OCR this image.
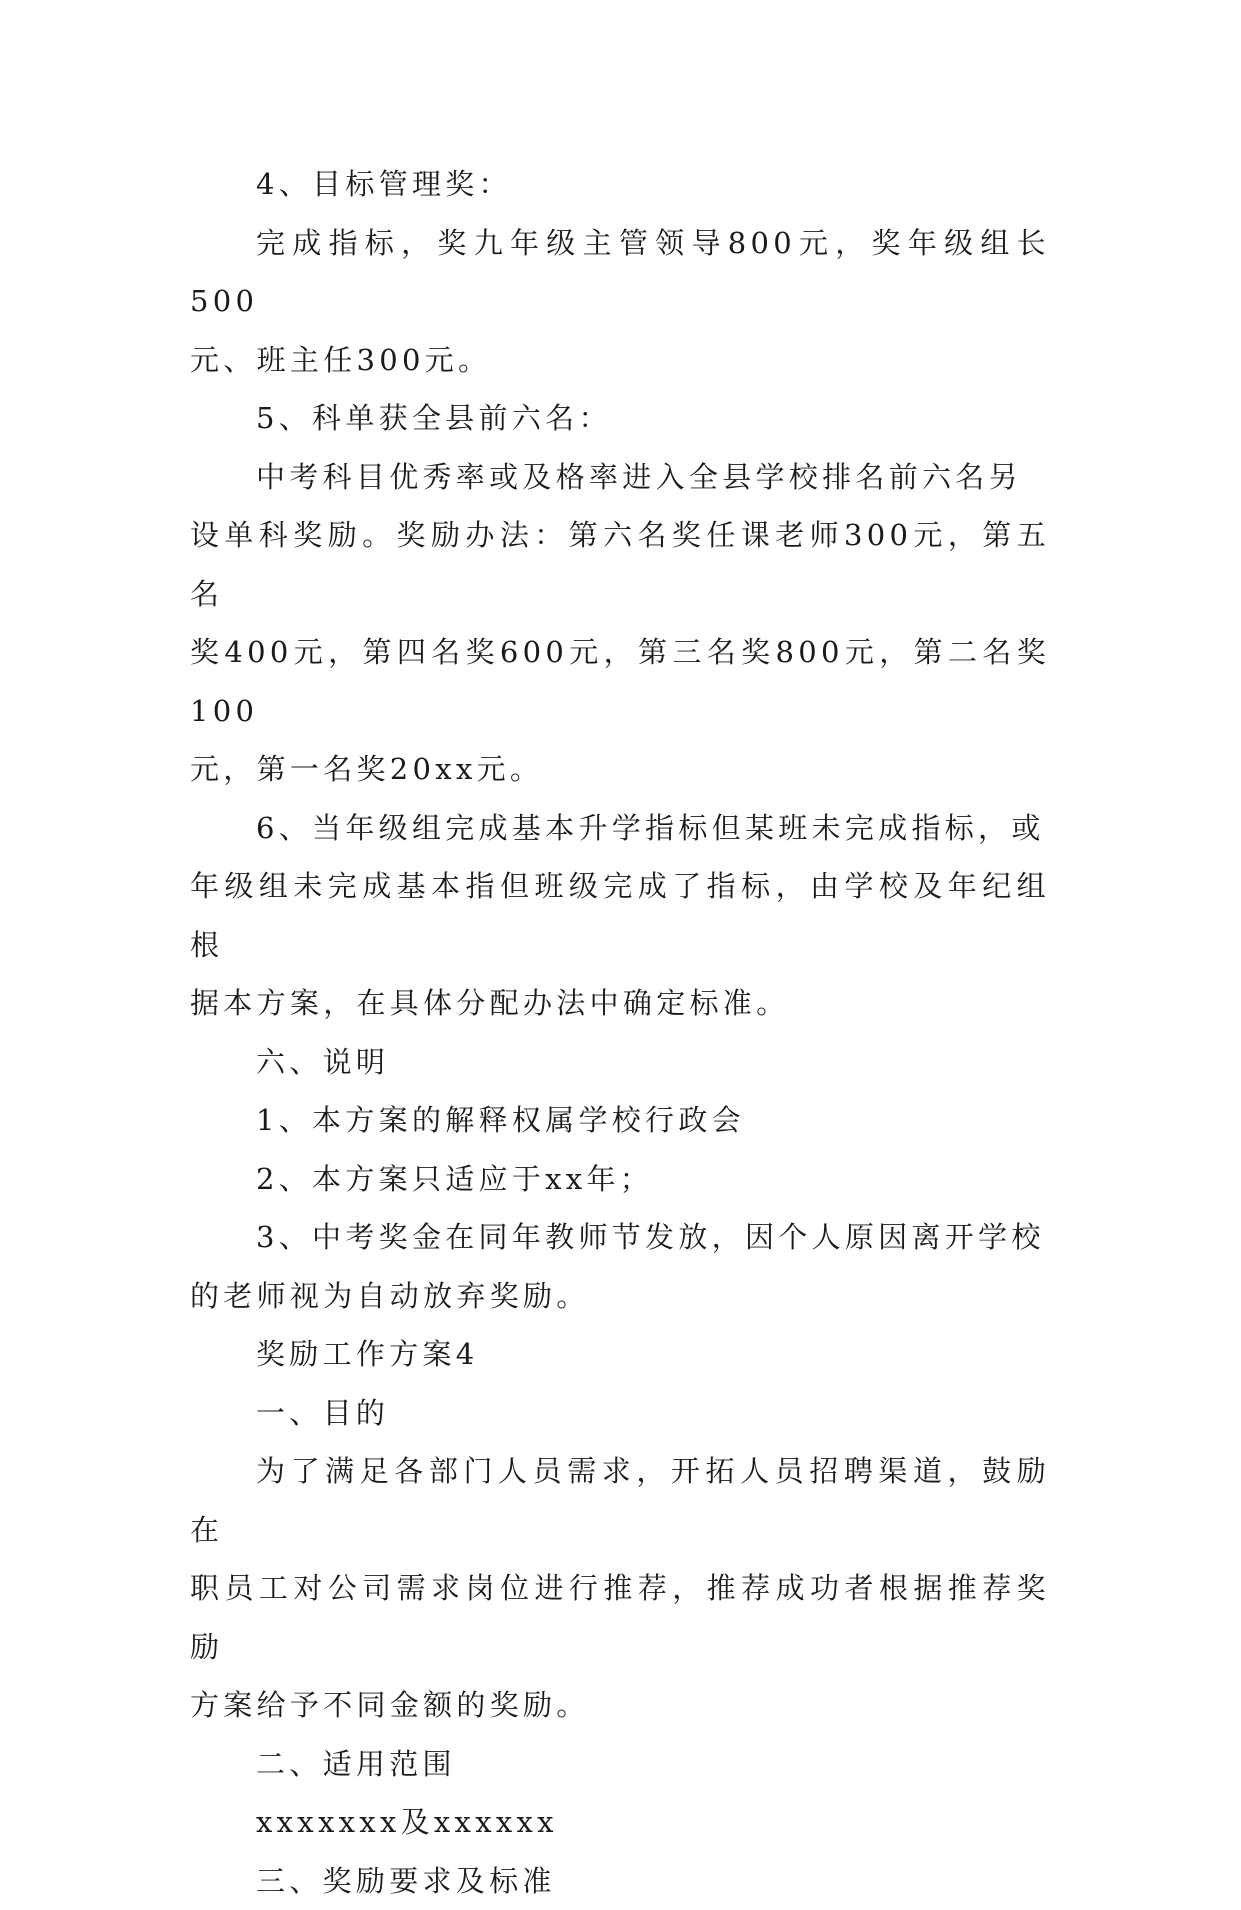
4、目标管理奖：
完成指标，奖九年级主管领导800元，奖年级组长500
元、班主任300元。
5、科单获全县前六名：
中考科目优秀率或及格率进入全县学校排名前六名另
设单科奖励。奖励办法：第六名奖任课老师300元，第五名
奖400元，第四名奖600元，第三名奖800元，第二名奖100
元，第一名奖20xx元。
6、当年级组完成基本升学指标但某班未完成指标，或
年级组未完成基本指但班级完成了指标，由学校及年纪组根
据本方案，在具体分配办法中确定标准。
六、说明
1、本方案的解释权属学校行政会
2、本方案只适应于xx年；
3、中考奖金在同年教师节发放，因个人原因离开学校
的老师视为自动放弃奖励。
奖励工作方案4
一、目的
为了满足各部门人员需求，开拓人员招聘渠道，鼓励在
职员工对公司需求岗位进行推荐，推荐成功者根据推荐奖励
方案给予不同金额的奖励。
二、适用范围
xxxxxxx及xxxxxx
三、奖励要求及标准
